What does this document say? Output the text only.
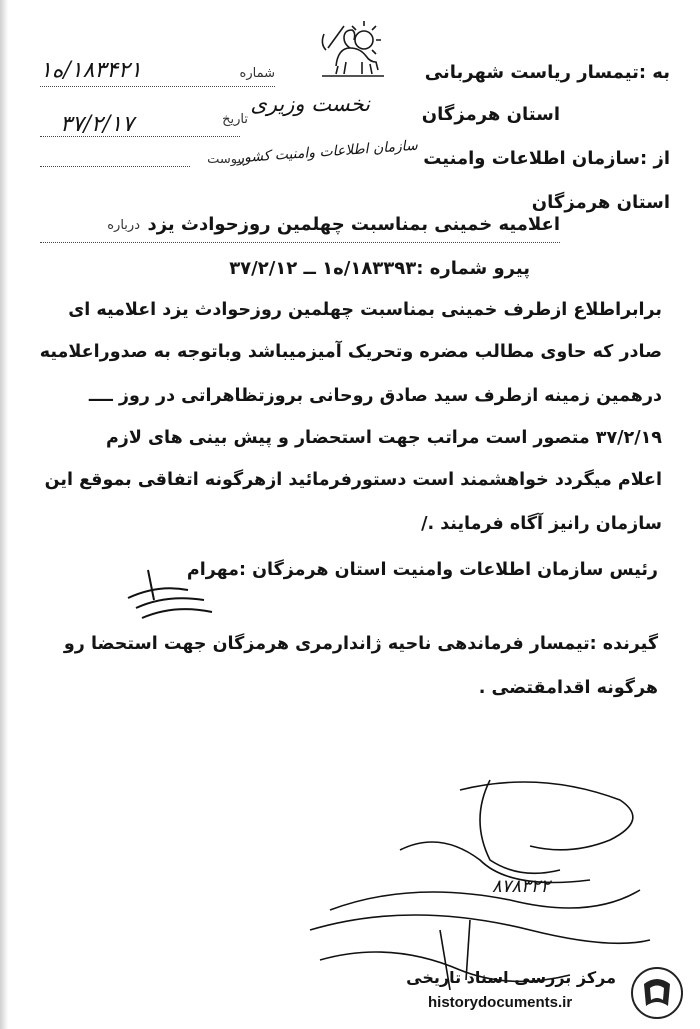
نخست وزیری
سازمان اطلاعات وامنیت کشور
شماره
۱۸۳۴۲۱/ه۱
تاریخ
۳۷/۲/۱۷
پیوست
به :تیمسار ریاست شهربانی
استان هرمزگان
از :سازمان اطلاعات وامنیت
استان هرمزگان
درباره اعلامیه خمینی بمناسبت چهلمین روزحوادث یزد
پیرو شماره :۱۸۳۳۹۳/ه۱ ــ ۳۷/۲/۱۲
برابراطلاع ازطرف خمینی بمناسبت چهلمین روزحوادث یزد اعلامیه ای
صادر که حاوی مطالب مضره وتحریک آمیزمیباشد وباتوجه به صدوراعلامیه
درهمین زمینه ازطرف سید صادق روحانی بروزتظاهراتی در روز ــــ
۳۷/۲/۱۹ متصور است مراتب جهت استحضار و پیش بینی های لازم
اعلام میگردد خواهشمند است دستورفرمائید ازهرگونه اتفاقی بموقع این
سازمان رانیز آگاه فرمایند ./
رئیس سازمان اطلاعات وامنیت استان هرمزگان :مهرام
گیرنده :تیمسار فرماندهی ناحیه ژاندارمری هرمزگان جهت استحضا رو
هرگونه اقدامقتضی .
۸۷۸۳۲۲
مرکز بررسی اسناد تاریخی
historydocuments.ir
